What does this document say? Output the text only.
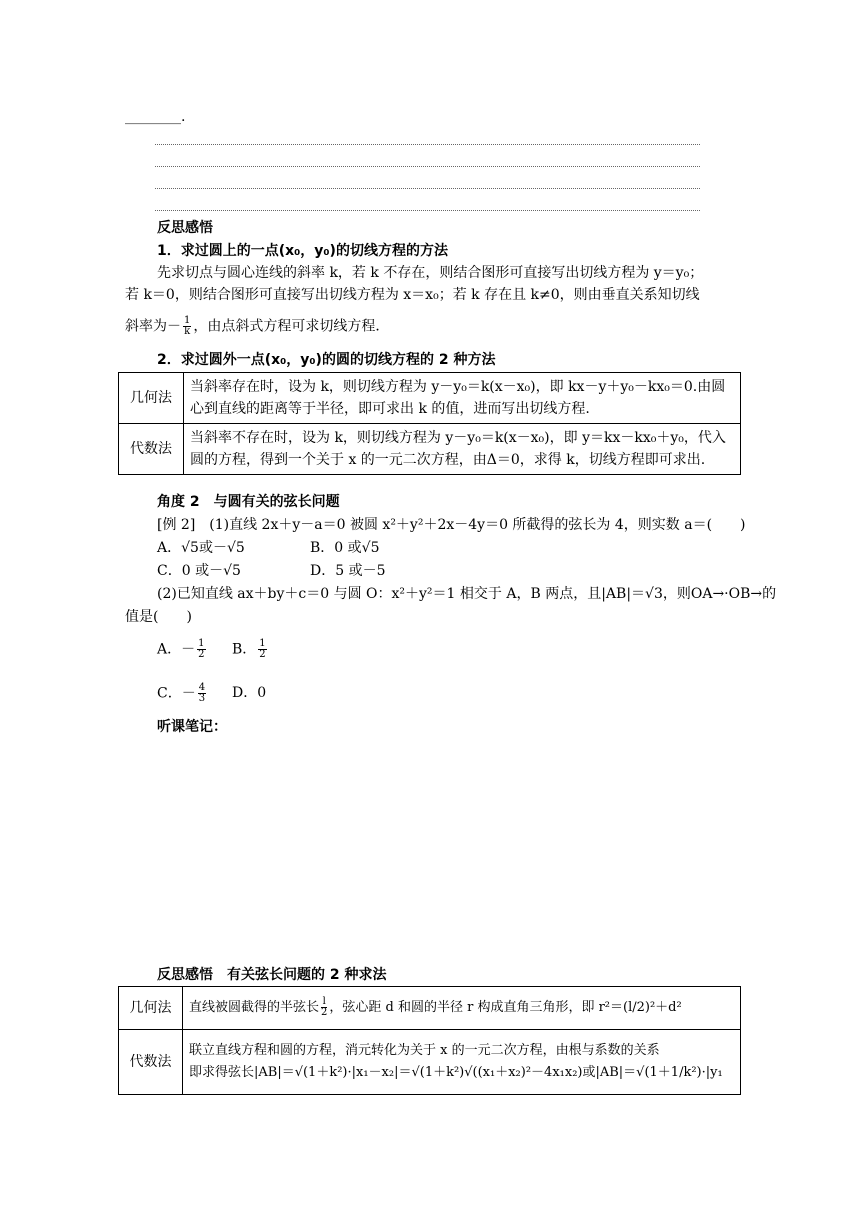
________.
反思感悟
1．求过圆上的一点(x₀，y₀)的切线方程的方法
先求切点与圆心连线的斜率 k，若 k 不存在，则结合图形可直接写出切线方程为 y＝y₀；
若 k＝0，则结合图形可直接写出切线方程为 x＝x₀；若 k 存在且 k≠0，则由垂直关系知切线
斜率为－ $\frac{1}{k}$ ，由点斜式方程可求切线方程．
2．求过圆外一点(x₀，y₀)的圆的切线方程的 2 种方法
几何法	当斜率存在时，设为 k，则切线方程为 y－y₀＝k(x－x₀)，即 kx－y＋y₀－kx₀＝0.由圆心到直线的距离等于半径，即可求出 k 的值，进而写出切线方程.
代数法	当斜率不存在时，设为 k，则切线方程为 y－y₀＝k(x－x₀)，即 y＝kx－kx₀＋y₀，代入圆的方程，得到一个关于 x 的一元二次方程，由Δ＝0，求得 k，切线方程即可求出.
角度 2　与圆有关的弦长问题
[例 2]　(1)直线 2x＋y－a＝0 被圆 x²＋y²＋2x－4y＝0 所截得的弦长为 4，则实数 a＝(　　)
A．√5或－√5	B．0 或√5
C．0 或－√5	D．5 或－5
(2)已知直线 ax＋by＋c＝0 与圆 O：x²＋y²＝1 相交于 A，B 两点，且|AB|＝√3，则OA→·OB→的
值是(　　)
A．－ $\frac{1}{2}$ B． $\frac{1}{2}$
C．－ $\frac{4}{3}$ D．0
听课笔记：
反思感悟　有关弦长问题的 2 种求法
几何法	直线被圆截得的半弦长 $\frac{l}{2}$ ，弦心距 d 和圆的半径 r 构成直角三角形，即 r²＝(l/2)²＋d²
代数法	联立直线方程和圆的方程，消元转化为关于 x 的一元二次方程，由根与系数的关系
即求得弦长|AB|＝√(1＋k²)·|x₁－x₂|＝√(1＋k²)√((x₁＋x₂)²－4x₁x₂)或|AB|＝√(1＋1/k²)·|y₁
